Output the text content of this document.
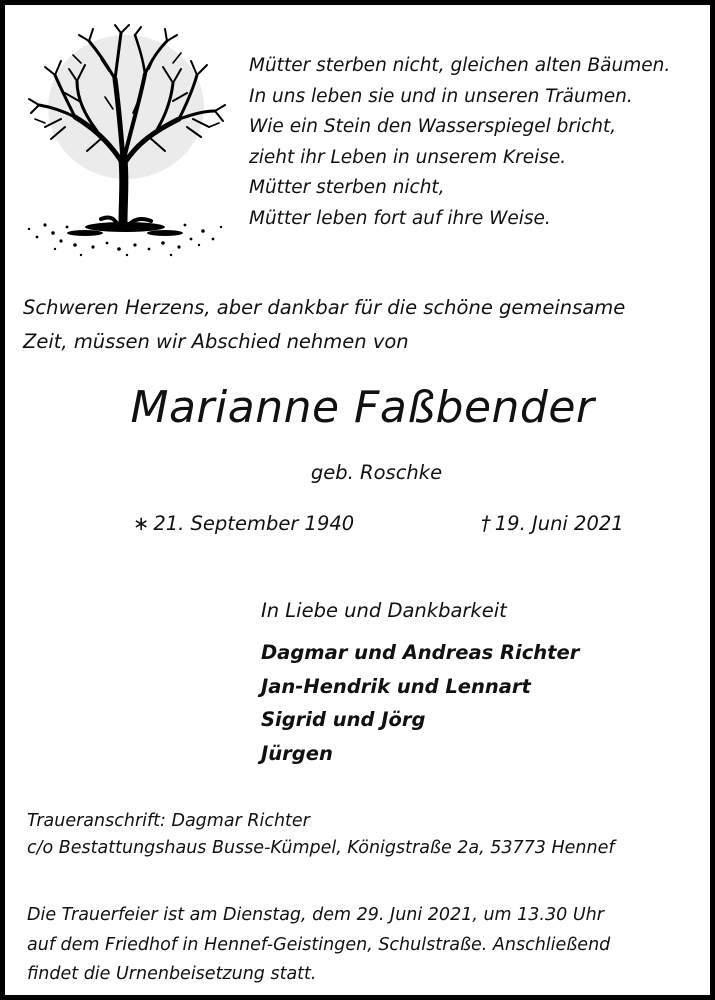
Mütter sterben nicht, gleichen alten Bäumen.
In uns leben sie und in unseren Träumen.
Wie ein Stein den Wasserspiegel bricht,
zieht ihr Leben in unserem Kreise.
Mütter sterben nicht,
Mütter leben fort auf ihre Weise.
Schweren Herzens, aber dankbar für die schöne gemeinsame
Zeit, müssen wir Abschied nehmen von
Marianne Faßbender
geb. Roschke
∗ 21. September 1940	† 19. Juni 2021
In Liebe und Dankbarkeit
Dagmar und Andreas Richter
Jan-Hendrik und Lennart
Sigrid und Jörg
Jürgen
Traueranschrift: Dagmar Richter
c/o Bestattungshaus Busse-Kümpel, Königstraße 2a, 53773 Hennef
Die Trauerfeier ist am Dienstag, dem 29. Juni 2021, um 13.30 Uhr
auf dem Friedhof in Hennef-Geistingen, Schulstraße. Anschließend
findet die Urnenbeisetzung statt.
